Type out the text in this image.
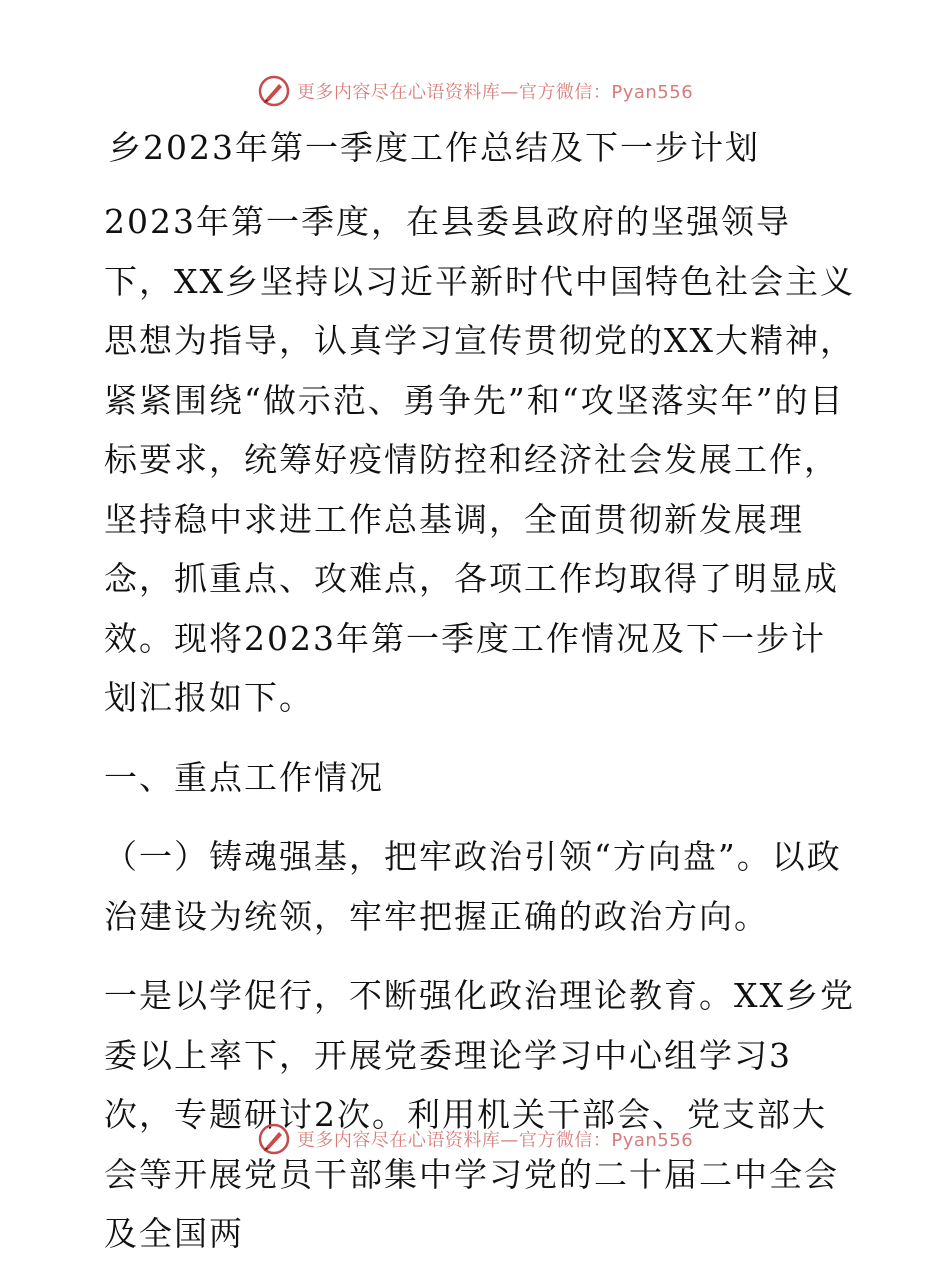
更多内容尽在心语资料库—官方微信：Pyan556
乡2023年第一季度工作总结及下一步计划

2023年第一季度，在县委县政府的坚强领导下，XX乡坚持以习近平新时代中国特色社会主义思想为指导，认真学习宣传贯彻党的XX大精神，紧紧围绕“做示范、勇争先”和“攻坚落实年”的目标要求，统筹好疫情防控和经济社会发展工作，坚持稳中求进工作总基调，全面贯彻新发展理念，抓重点、攻难点，各项工作均取得了明显成效。现将2023年第一季度工作情况及下一步计划汇报如下。

一、重点工作情况

（一）铸魂强基，把牢政治引领“方向盘”。以政治建设为统领，牢牢把握正确的政治方向。

一是以学促行，不断强化政治理论教育。XX乡党委以上率下，开展党委理论学习中心组学习3次，专题研讨2次。利用机关干部会、党支部大会等开展党员干部集中学习党的二十届二中全会及全国两

更多内容尽在心语资料库—官方微信：Pyan556
